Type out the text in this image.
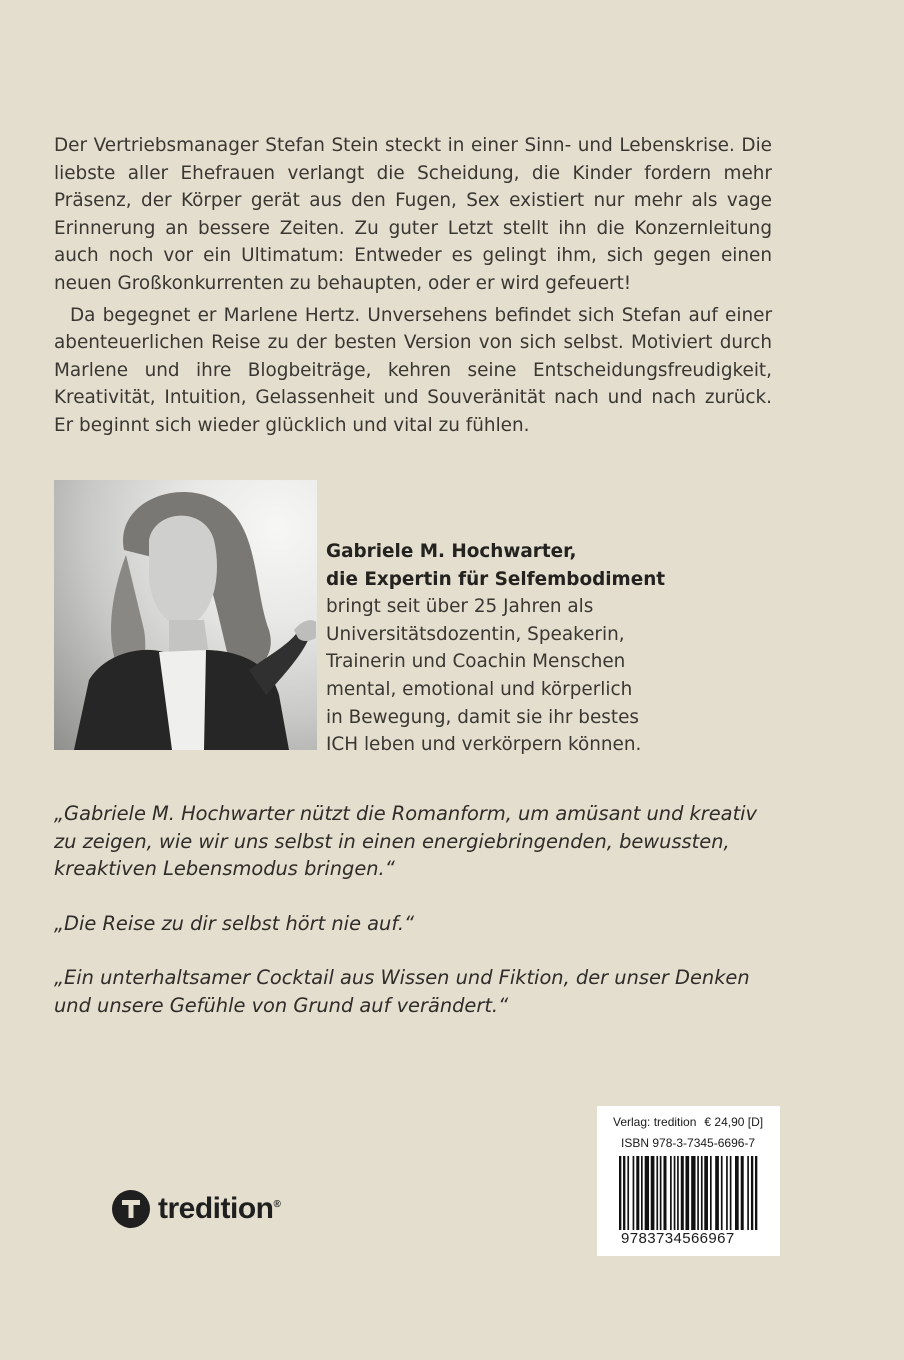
Der Vertriebsmanager Stefan Stein steckt in einer Sinn- und Lebenskrise. Die liebste aller Ehefrauen verlangt die Scheidung, die Kinder fordern mehr Präsenz, der Körper gerät aus den Fugen, Sex existiert nur mehr als vage Erinnerung an bessere Zeiten. Zu guter Letzt stellt ihn die Konzernleitung auch noch vor ein Ultimatum: Entweder es gelingt ihm, sich gegen einen neuen Großkonkurrenten zu behaupten, oder er wird gefeuert!

Da begegnet er Marlene Hertz. Unversehens befindet sich Stefan auf einer abenteuerlichen Reise zu der besten Version von sich selbst. Motiviert durch Marlene und ihre Blogbeiträge, kehren seine Entscheidungsfreudigkeit, Kreativität, Intuition, Gelassenheit und Souveränität nach und nach zurück. Er beginnt sich wieder glücklich und vital zu fühlen.

Gabriele M. Hochwarter,
die Expertin für Selfembodiment
bringt seit über 25 Jahren als Universitätsdozentin, Speakerin, Trainerin und Coachin Menschen mental, emotional und körperlich in Bewegung, damit sie ihr bestes ICH leben und verkörpern können.

„Gabriele M. Hochwarter nützt die Romanform, um amüsant und kreativ zu zeigen, wie wir uns selbst in einen energiebringenden, bewussten, kreaktiven Lebensmodus bringen.“

„Die Reise zu dir selbst hört nie auf.“

„Ein unterhaltsamer Cocktail aus Wissen und Fiktion, der unser Denken und unsere Gefühle von Grund auf verändert.“

tredition®
Verlag: tredition € 24,90 [D]
ISBN 978-3-7345-6696-7
9783734566967
